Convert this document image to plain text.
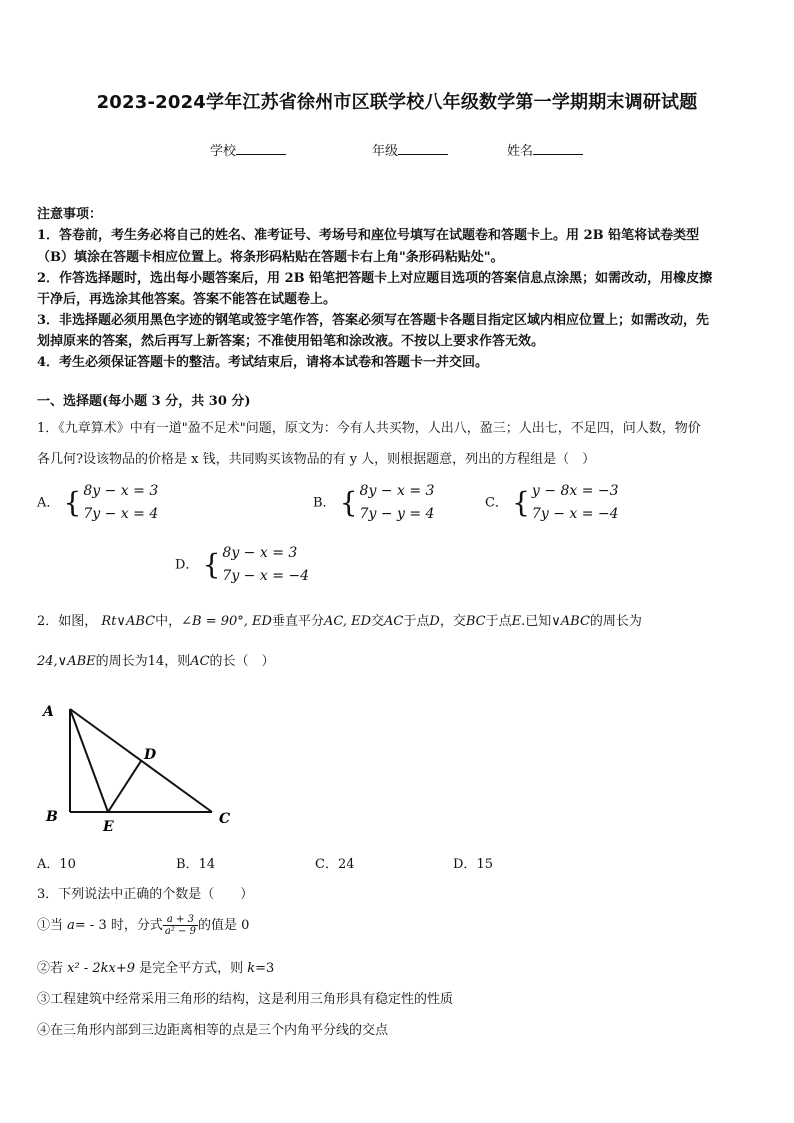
2023-2024学年江苏省徐州市区联学校八年级数学第一学期期末调研试题
学校	年级	姓名
注意事项：
1．答卷前，考生务必将自己的姓名、准考证号、考场号和座位号填写在试题卷和答题卡上。用 2B 铅笔将试卷类型
（B）填涂在答题卡相应位置上。将条形码粘贴在答题卡右上角"条形码粘贴处"。
2．作答选择题时，选出每小题答案后，用 2B 铅笔把答题卡上对应题目选项的答案信息点涂黑；如需改动，用橡皮擦
干净后，再选涂其他答案。答案不能答在试题卷上。
3．非选择题必须用黑色字迹的钢笔或签字笔作答，答案必须写在答题卡各题目指定区域内相应位置上；如需改动，先
划掉原来的答案，然后再写上新答案；不准使用铅笔和涂改液。不按以上要求作答无效。
4．考生必须保证答题卡的整洁。考试结束后，请将本试卷和答题卡一并交回。
一、选择题(每小题 3 分，共 30 分)
1．《九章算术》中有一道"盈不足术"问题，原文为：今有人共买物，人出八，盈三；人出七，不足四，问人数，物价
各几何?设该物品的价格是 x 钱，共同购买该物品的有 y 人，则根据题意，列出的方程组是（　）
A． { 8y − x = 3
7y − x = 4
B． { 8y − x = 3
7y − y = 4
C． { y − 8x = −3
7y − x = −4
D． { 8y − x = 3
7y − x = −4
2．如图， Rt∨ABC中，∠B = 90°, ED垂直平分AC, ED交AC于点D，交BC于点E.已知∨ABC的周长为
24,∨ABE的周长为14，则AC的长（　）
A
B	C
D
E
A．10	B．14	C．24	D．15
3．下列说法中正确的个数是（　　）
①当 a= - 3 时，分式 $\frac{a + 3}{\text{a² − 9}}$ 的值是 0
②若 x² - 2kx+9 是完全平方式，则 k=3
③工程建筑中经常采用三角形的结构，这是利用三角形具有稳定性的性质
④在三角形内部到三边距离相等的点是三个内角平分线的交点
